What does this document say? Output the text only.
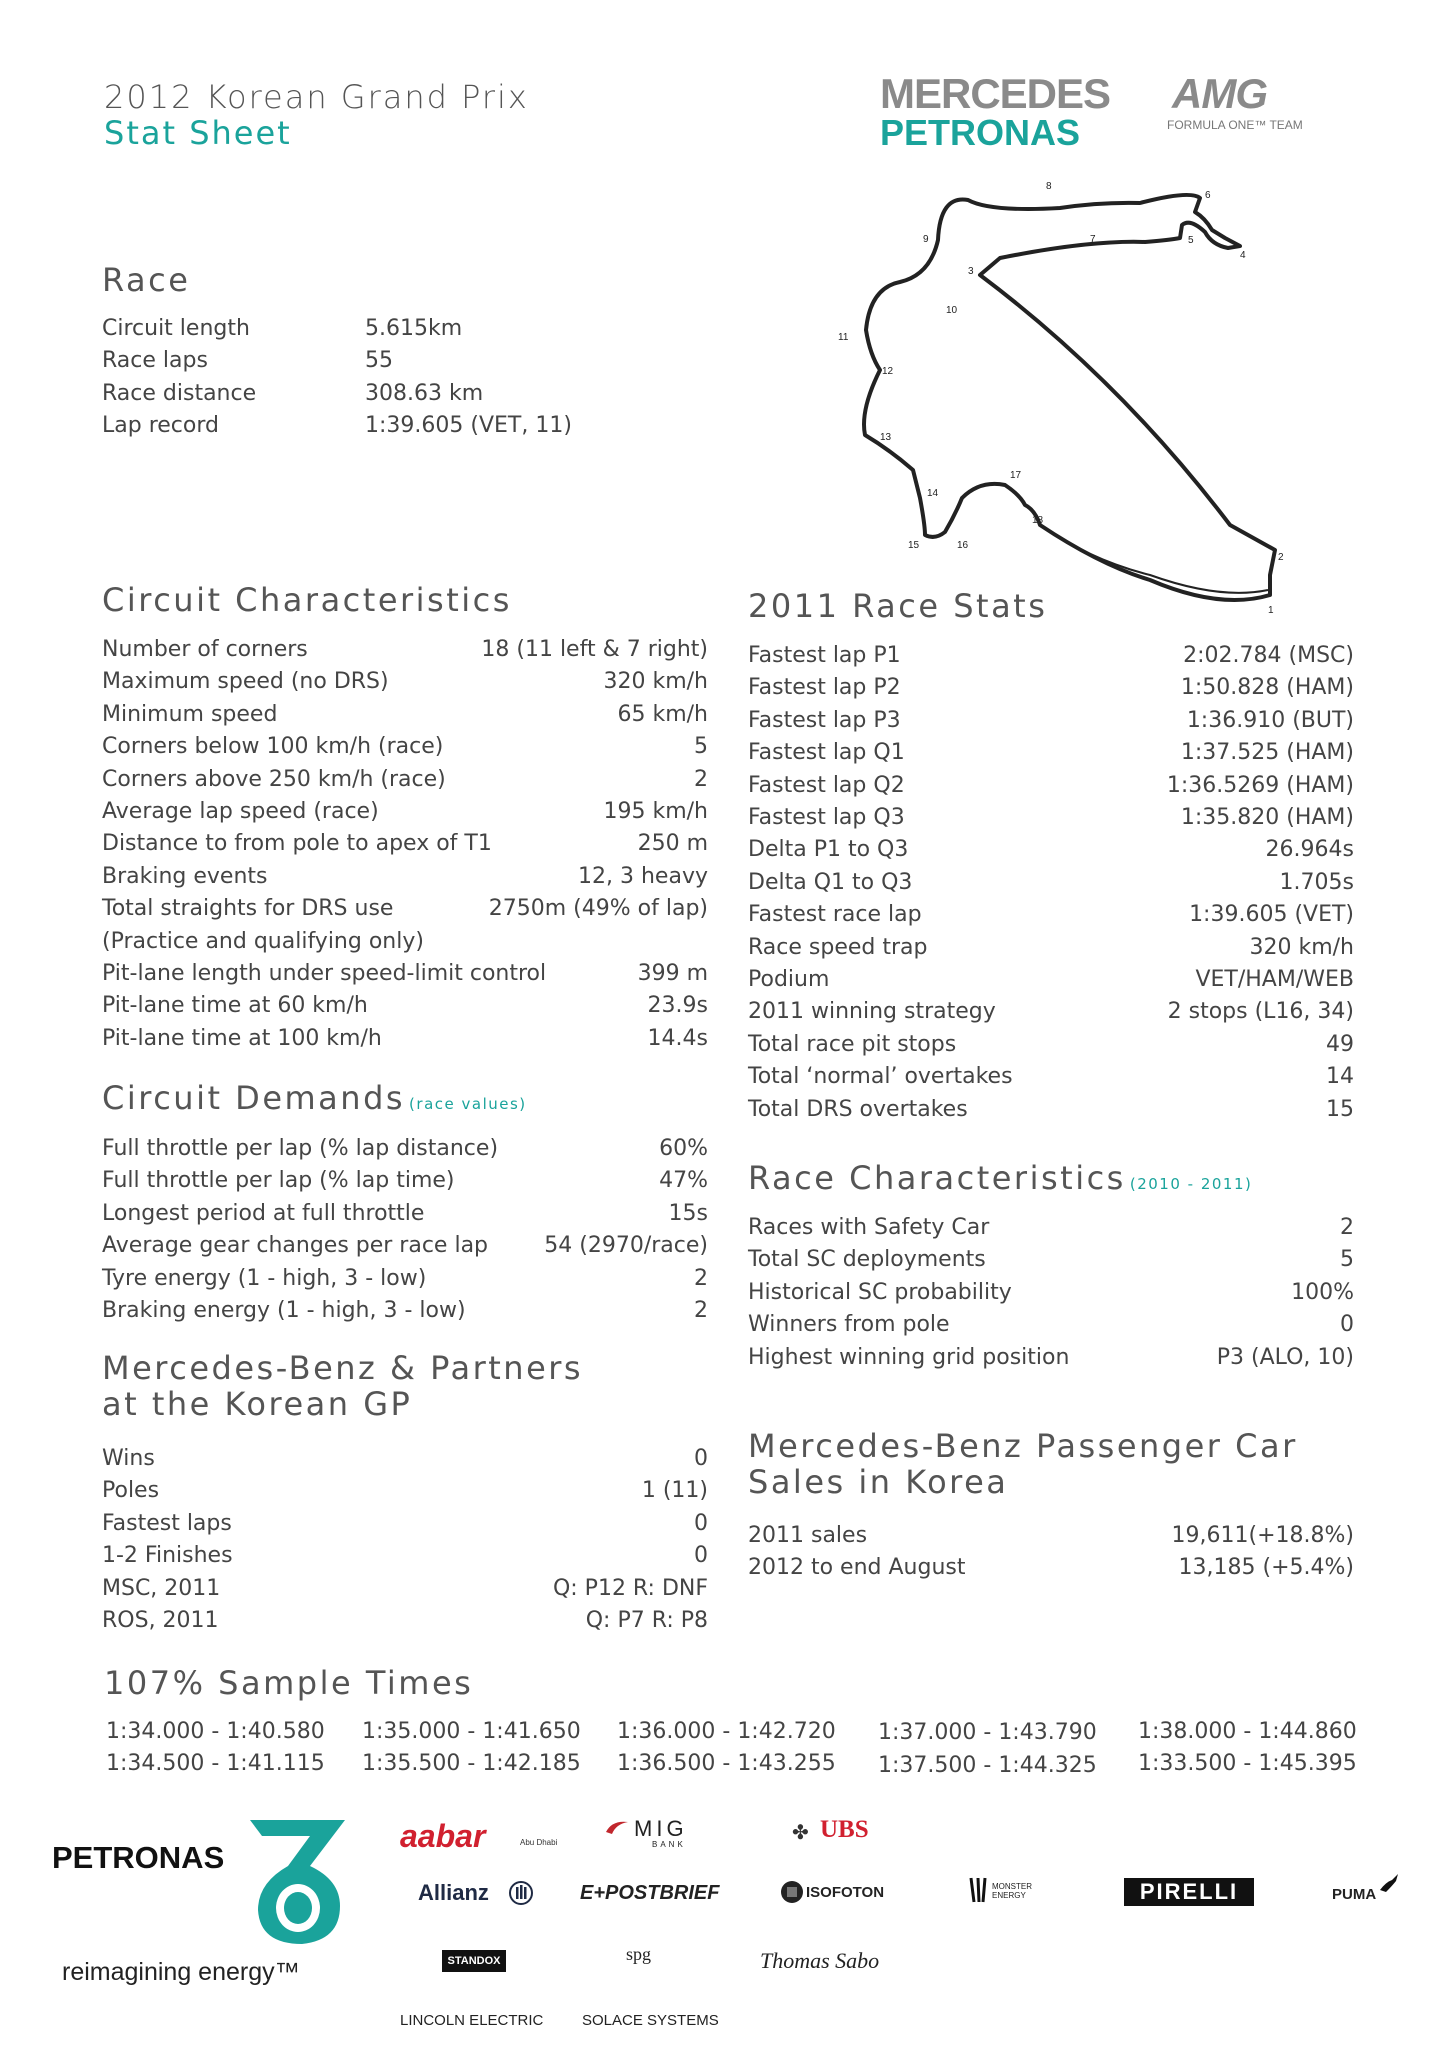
2012 Korean Grand Prix
Stat Sheet
MERCEDES AMG
PETRONAS	FORMULA ONE™ TEAM
1
2
3
4
5
6
7
8
9
10
11
12
13
14
15	16
17
18
Race
Circuit length	5.615km
Race laps	55
Race distance	308.63 km
Lap record	1:39.605 (VET, 11)
Circuit Characteristics
Number of corners	18 (11 left & 7 right)
Maximum speed (no DRS)	320 km/h
Minimum speed	65 km/h
Corners below 100 km/h (race)	5
Corners above 250 km/h (race)	2
Average lap speed (race)	195 km/h
Distance to from pole to apex of T1	250 m
Braking events	12, 3 heavy
Total straights for DRS use	2750m (49% of lap)
(Practice and qualifying only)
Pit-lane length under speed-limit control	399 m
Pit-lane time at 60 km/h	23.9s
Pit-lane time at 100 km/h	14.4s
Circuit Demands (race values)
Full throttle per lap (% lap distance)	60%
Full throttle per lap (% lap time)	47%
Longest period at full throttle	15s
Average gear changes per race lap	54 (2970/race)
Tyre energy (1 - high, 3 - low)	2
Braking energy (1 - high, 3 - low)	2
Mercedes-Benz & Partners
at the Korean GP
Wins	0
Poles	1 (11)
Fastest laps	0
1-2 Finishes	0
MSC, 2011	Q: P12 R: DNF
ROS, 2011	Q: P7 R: P8
2011 Race Stats
Fastest lap P1	2:02.784 (MSC)
Fastest lap P2	1:50.828 (HAM)
Fastest lap P3	1:36.910 (BUT)
Fastest lap Q1	1:37.525 (HAM)
Fastest lap Q2	1:36.5269 (HAM)
Fastest lap Q3	1:35.820 (HAM)
Delta P1 to Q3	26.964s
Delta Q1 to Q3	1.705s
Fastest race lap	1:39.605 (VET)
Race speed trap	320 km/h
Podium	VET/HAM/WEB
2011 winning strategy	2 stops (L16, 34)
Total race pit stops	49
Total ‘normal’ overtakes	14
Total DRS overtakes	15
Race Characteristics (2010 - 2011)
Races with Safety Car	2
Total SC deployments	5
Historical SC probability	100%
Winners from pole	0
Highest winning grid position	P3 (ALO, 10)
Mercedes-Benz Passenger Car
Sales in Korea
2011 sales	19,611(+18.8%)
2012 to end August	13,185 (+5.4%)
107% Sample Times
1:34.000 - 1:40.580 1:35.000 - 1:41.650 1:36.000 - 1:42.720 1:37.000 - 1:43.790 1:38.000 - 1:44.860
1:34.500 - 1:41.115 1:35.500 - 1:42.185 1:36.500 - 1:43.255 1:37.500 - 1:44.325 1:33.500 - 1:45.395
PETRONAS
reimagining energy™
aabar	Abu Dhabi
MIG
BANK
✤ UBS
Allianz	E+POSTBRIEF	ISOFOTON	MONSTER ENERGY	PIRELLI	PUMA
STANDOX	spg	Thomas Sabo
LINCOLN ELECTRIC	SOLACE SYSTEMS
